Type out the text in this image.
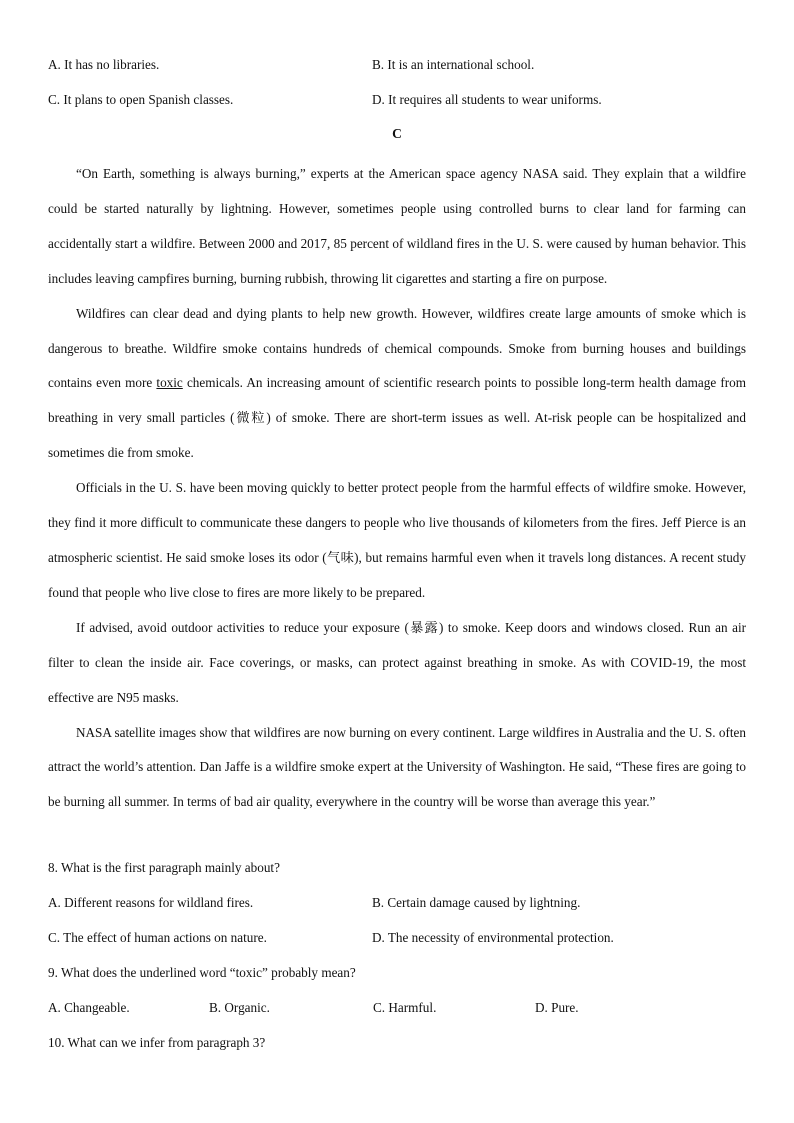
A. It has no libraries.	B. It is an international school.
C. It plans to open Spanish classes.	D. It requires all students to wear uniforms.
C

“On Earth, something is always burning,” experts at the American space agency NASA said. They explain that a wildfire could be started naturally by lightning. However, sometimes people using controlled burns to clear land for farming can accidentally start a wildfire. Between 2000 and 2017, 85 percent of wildland fires in the U. S. were caused by human behavior. This includes leaving campfires burning, burning rubbish, throwing lit cigarettes and starting a fire on purpose.

Wildfires can clear dead and dying plants to help new growth. However, wildfires create large amounts of smoke which is dangerous to breathe. Wildfire smoke contains hundreds of chemical compounds. Smoke from burning houses and buildings contains even more toxic chemicals. An increasing amount of scientific research points to possible long-term health damage from breathing in very small particles (微粒) of smoke. There are short-term issues as well. At-risk people can be hospitalized and sometimes die from smoke.

Officials in the U. S. have been moving quickly to better protect people from the harmful effects of wildfire smoke. However, they find it more difficult to communicate these dangers to people who live thousands of kilometers from the fires. Jeff Pierce is an atmospheric scientist. He said smoke loses its odor (气味), but remains harmful even when it travels long distances. A recent study found that people who live close to fires are more likely to be prepared.

If advised, avoid outdoor activities to reduce your exposure (暴露) to smoke. Keep doors and windows closed. Run an air filter to clean the inside air. Face coverings, or masks, can protect against breathing in smoke. As with COVID-19, the most effective are N95 masks.

NASA satellite images show that wildfires are now burning on every continent. Large wildfires in Australia and the U. S. often attract the world’s attention. Dan Jaffe is a wildfire smoke expert at the University of Washington. He said, “These fires are going to be burning all summer. In terms of bad air quality, everywhere in the country will be worse than average this year.”

8. What is the first paragraph mainly about?
A. Different reasons for wildland fires.	B. Certain damage caused by lightning.
C. The effect of human actions on nature.	D. The necessity of environmental protection.
9. What does the underlined word “toxic” probably mean?
A. Changeable.	B. Organic.	C. Harmful.	D. Pure.
10. What can we infer from paragraph 3?
